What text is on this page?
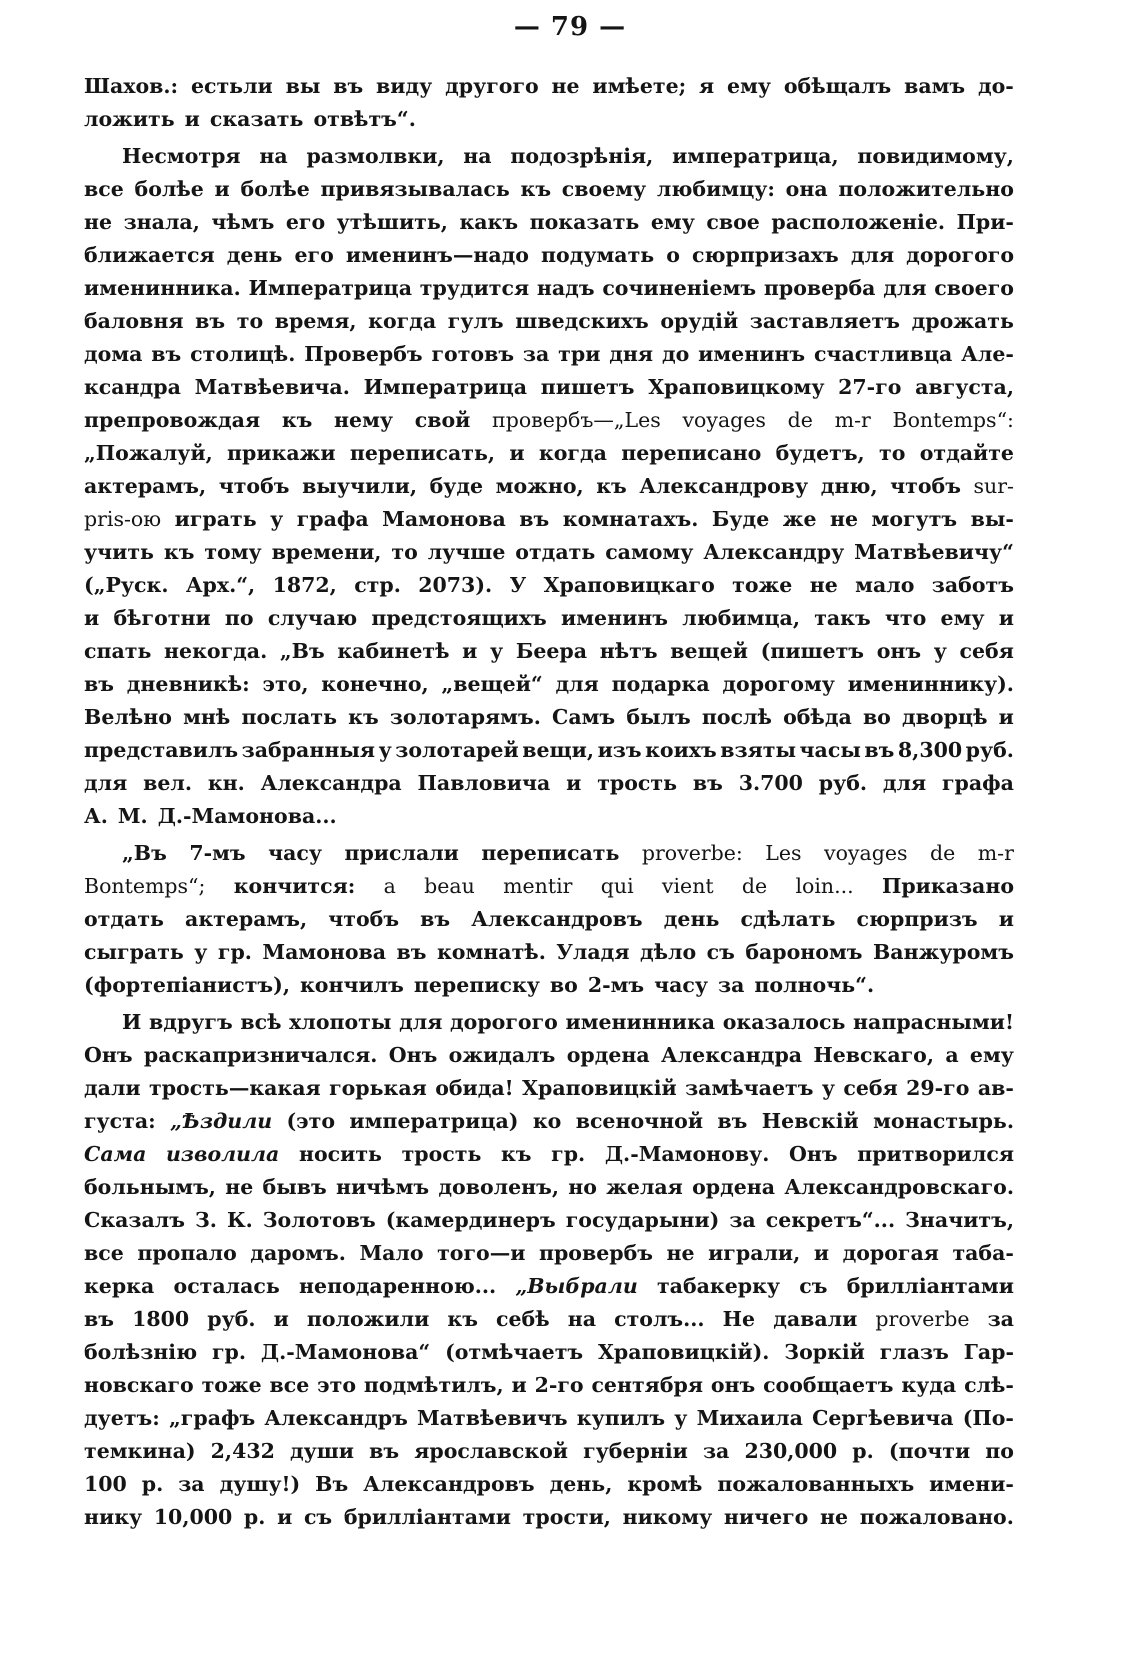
— 79 —
Шахов.: естьли вы въ виду другого не имѣете; я ему обѣщалъ вамъ до-
ложить и сказать отвѣтъ“.
Несмотря на размолвки, на подозрѣнія, императрица, повидимому,
все болѣе и болѣе привязывалась къ своему любимцу: она положительно
не знала, чѣмъ его утѣшить, какъ показать ему свое расположеніе. При-
ближается день его именинъ—надо подумать о сюрпризахъ для дорогого
именинника. Императрица трудится надъ сочиненіемъ проверба для своего
баловня въ то время, когда гулъ шведскихъ орудій заставляетъ дрожать
дома въ столицѣ. Провербъ готовъ за три дня до именинъ счастливца Але-
ксандра Матвѣевича. Императрица пишетъ Храповицкому 27-го августа,
препровождая къ нему свой провербъ—„Les voyages de m-r Bontemps“:
„Пожалуй, прикажи переписать, и когда переписано будетъ, то отдайте
актерамъ, чтобъ выучили, буде можно, къ Александрову дню, чтобъ sur-
pris-ою играть у графа Мамонова въ комнатахъ. Буде же не могутъ вы-
учить къ тому времени, то лучше отдать самому Александру Матвѣевичу“
(„Руск. Арх.“, 1872, стр. 2073). У Храповицкаго тоже не мало заботъ
и бѣготни по случаю предстоящихъ именинъ любимца, такъ что ему и
спать некогда. „Въ кабинетѣ и у Беера нѣтъ вещей (пишетъ онъ у себя
въ дневникѣ: это, конечно, „вещей“ для подарка дорогому имениннику).
Велѣно мнѣ послать къ золотарямъ. Самъ былъ послѣ обѣда во дворцѣ и
представилъ забранныя у золотарей вещи, изъ коихъ взяты часы въ 8,300 руб.
для вел. кн. Александра Павловича и трость въ 3.700 руб. для графа
А. М. Д.-Мамонова...
„Въ 7-мъ часу прислали переписать proverbe: Les voyages de m-r
Bontemps“; кончится: a beau mentir qui vient de loin... Приказано
отдать актерамъ, чтобъ въ Александровъ день сдѣлать сюрпризъ и
сыграть у гр. Мамонова въ комнатѣ. Уладя дѣло съ барономъ Ванжуромъ
(фортепіанистъ), кончилъ переписку во 2-мъ часу за полночь“.
И вдругъ всѣ хлопоты для дорогого именинника оказалось напрасными!
Онъ раскапризничался. Онъ ожидалъ ордена Александра Невскаго, а ему
дали трость—какая горькая обида! Храповицкій замѣчаетъ у себя 29-го ав-
густа: „Ѣздили (это императрица) ко всеночной въ Невскій монастырь.
Сама изволила носить трость къ гр. Д.-Мамонову. Онъ притворился
больнымъ, не бывъ ничѣмъ доволенъ, но желая ордена Александровскаго.
Сказалъ З. К. Золотовъ (камердинеръ государыни) за секретъ“... Значитъ,
все пропало даромъ. Мало того—и провербъ не играли, и дорогая таба-
керка осталась неподаренною... „Выбрали табакерку съ брилліантами
въ 1800 руб. и положили къ себѣ на столъ... Не давали proverbe за
болѣзнію гр. Д.-Мамонова“ (отмѣчаетъ Храповицкій). Зоркій глазъ Гар-
новскаго тоже все это подмѣтилъ, и 2-го сентября онъ сообщаетъ куда слѣ-
дуетъ: „графъ Александръ Матвѣевичъ купилъ у Михаила Сергѣевича (По-
темкина) 2,432 души въ ярославской губерніи за 230,000 р. (почти по
100 р. за душу!) Въ Александровъ день, кромѣ пожалованныхъ имени-
нику 10,000 р. и съ брилліантами трости, никому ничего не пожаловано.
